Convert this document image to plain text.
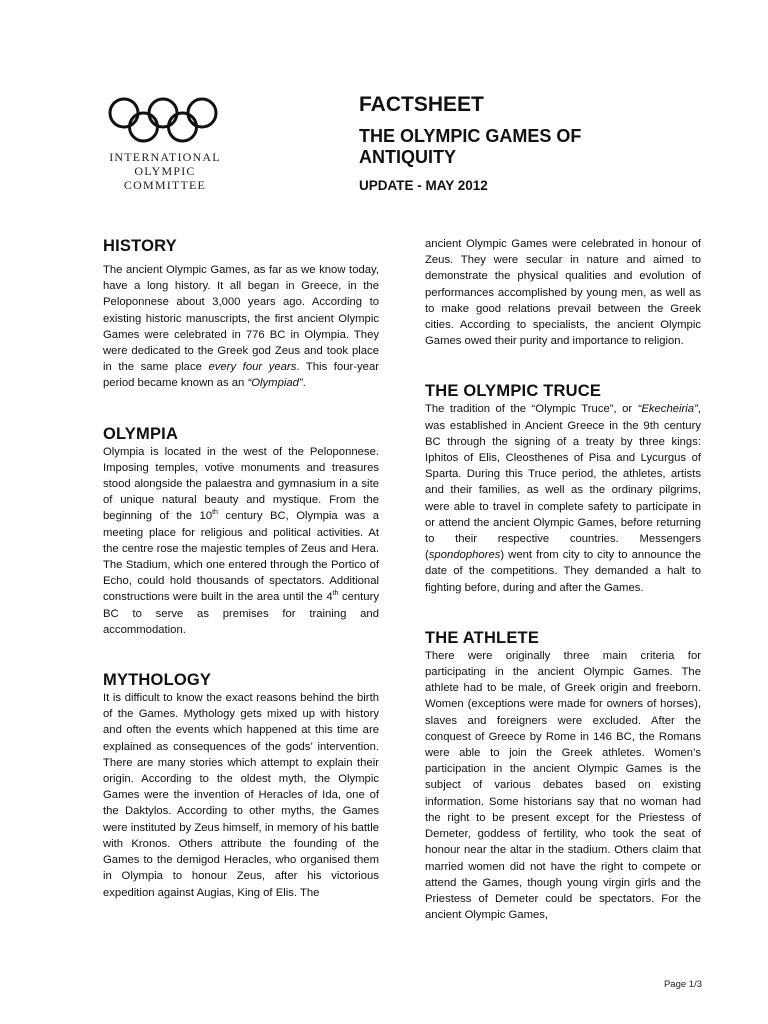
INTERNATIONAL
OLYMPIC
COMMITTEE
FACTSHEET
THE OLYMPIC GAMES OF ANTIQUITY
UPDATE - MAY 2012
HISTORY

The ancient Olympic Games, as far as we know today, have a long history. It all began in Greece, in the Peloponnese about 3,000 years ago. According to existing historic manuscripts, the first ancient Olympic Games were celebrated in 776 BC in Olympia. They were dedicated to the Greek god Zeus and took place in the same place every four years. This four-year period became known as an “Olympiad”.

OLYMPIA

Olympia is located in the west of the Peloponnese. Imposing temples, votive monuments and treasures stood alongside the palaestra and gymnasium in a site of unique natural beauty and mystique. From the beginning of the 10th century BC, Olympia was a meeting place for religious and political activities. At the centre rose the majestic temples of Zeus and Hera. The Stadium, which one entered through the Portico of Echo, could hold thousands of spectators. Additional constructions were built in the area until the 4th century BC to serve as premises for training and accommodation.

MYTHOLOGY

It is difficult to know the exact reasons behind the birth of the Games. Mythology gets mixed up with history and often the events which happened at this time are explained as consequences of the gods’ intervention. There are many stories which attempt to explain their origin. According to the oldest myth, the Olympic Games were the invention of Heracles of Ida, one of the Daktylos. According to other myths, the Games were instituted by Zeus himself, in memory of his battle with Kronos. Others attribute the founding of the Games to the demigod Heracles, who organised them in Olympia to honour Zeus, after his victorious expedition against Augias, King of Elis. The

ancient Olympic Games were celebrated in honour of Zeus. They were secular in nature and aimed to demonstrate the physical qualities and evolution of performances accomplished by young men, as well as to make good relations prevail between the Greek cities. According to specialists, the ancient Olympic Games owed their purity and importance to religion.

THE OLYMPIC TRUCE

The tradition of the “Olympic Truce”, or “Ekecheiria”, was established in Ancient Greece in the 9th century BC through the signing of a treaty by three kings: Iphitos of Elis, Cleosthenes of Pisa and Lycurgus of Sparta. During this Truce period, the athletes, artists and their families, as well as the ordinary pilgrims, were able to travel in complete safety to participate in or attend the ancient Olympic Games, before returning to their respective countries. Messengers (spondophores) went from city to city to announce the date of the competitions. They demanded a halt to fighting before, during and after the Games.

THE ATHLETE

There were originally three main criteria for participating in the ancient Olympic Games. The athlete had to be male, of Greek origin and freeborn. Women (exceptions were made for owners of horses), slaves and foreigners were excluded. After the conquest of Greece by Rome in 146 BC, the Romans were able to join the Greek athletes. Women’s participation in the ancient Olympic Games is the subject of various debates based on existing information. Some historians say that no woman had the right to be present except for the Priestess of Demeter, goddess of fertility, who took the seat of honour near the altar in the stadium. Others claim that married women did not have the right to compete or attend the Games, though young virgin girls and the Priestess of Demeter could be spectators. For the ancient Olympic Games,

Page 1/3
